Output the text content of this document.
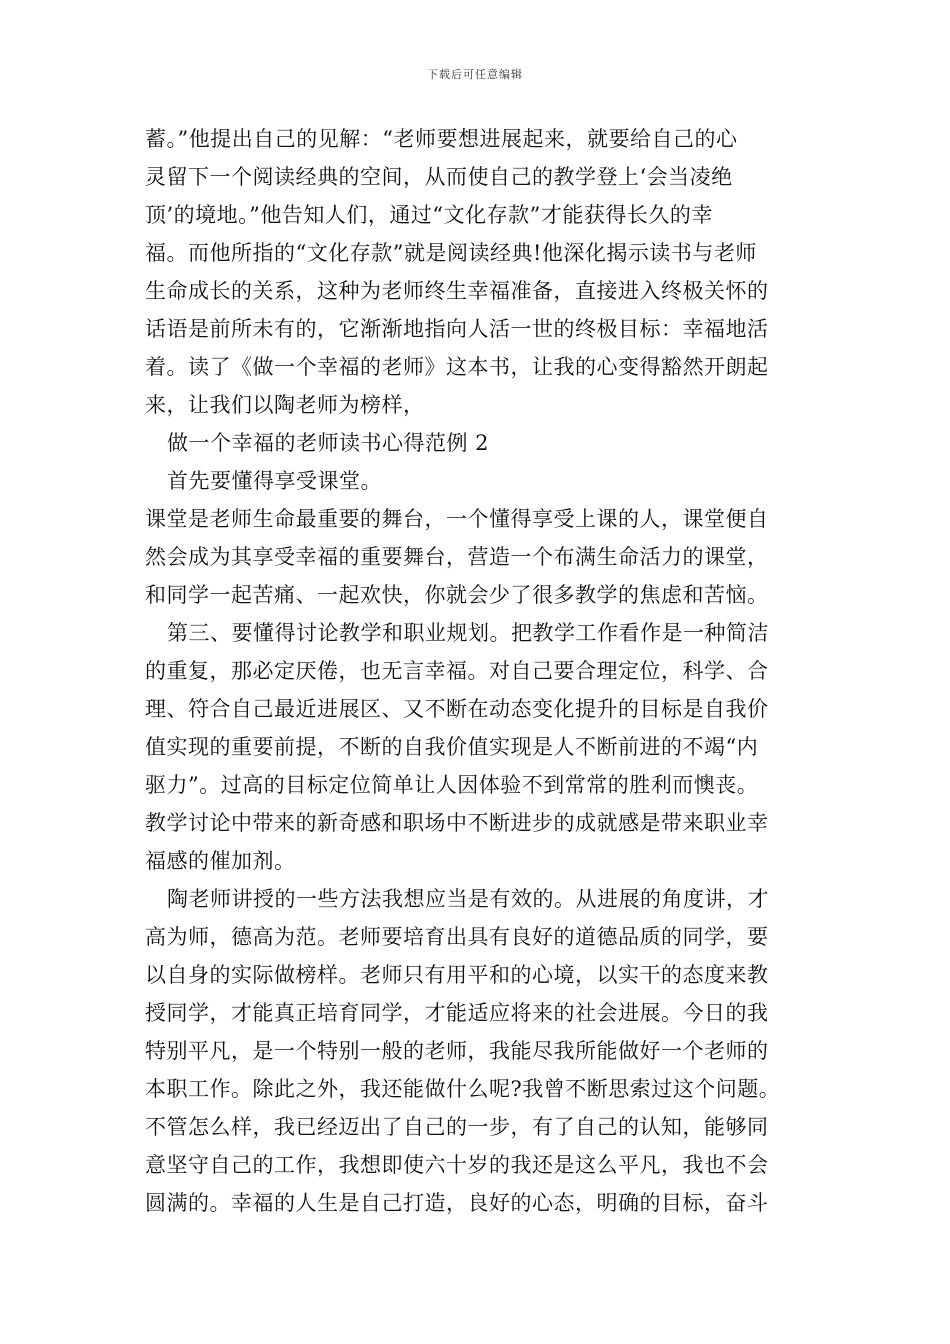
下载后可任意编辑
蓄。”他提出自己的见解：“老师要想进展起来，就要给自己的心
灵留下一个阅读经典的空间，从而使自己的教学登上‘会当凌绝
顶’的境地。”他告知人们，通过“文化存款”才能获得长久的幸
福。而他所指的“文化存款”就是阅读经典!他深化揭示读书与老师
生命成长的关系，这种为老师终生幸福准备，直接进入终极关怀的
话语是前所未有的，它渐渐地指向人活一世的终极目标：幸福地活
着。读了《做一个幸福的老师》这本书，让我的心变得豁然开朗起
来，让我们以陶老师为榜样，
做一个幸福的老师读书心得范例 2
首先要懂得享受课堂。
课堂是老师生命最重要的舞台，一个懂得享受上课的人，课堂便自
然会成为其享受幸福的重要舞台，营造一个布满生命活力的课堂，
和同学一起苦痛、一起欢快，你就会少了很多教学的焦虑和苦恼。
第三、要懂得讨论教学和职业规划。把教学工作看作是一种简洁
的重复，那必定厌倦，也无言幸福。对自己要合理定位，科学、合
理、符合自己最近进展区、又不断在动态变化提升的目标是自我价
值实现的重要前提，不断的自我价值实现是人不断前进的不竭“内
驱力”。过高的目标定位简单让人因体验不到常常的胜利而懊丧。
教学讨论中带来的新奇感和职场中不断进步的成就感是带来职业幸
福感的催加剂。
陶老师讲授的一些方法我想应当是有效的。从进展的角度讲，才
高为师，德高为范。老师要培育出具有良好的道德品质的同学，要
以自身的实际做榜样。老师只有用平和的心境，以实干的态度来教
授同学，才能真正培育同学，才能适应将来的社会进展。今日的我
特别平凡，是一个特别一般的老师，我能尽我所能做好一个老师的
本职工作。除此之外，我还能做什么呢?我曾不断思索过这个问题。
不管怎么样，我已经迈出了自己的一步，有了自己的认知，能够同
意坚守自己的工作，我想即使六十岁的我还是这么平凡，我也不会
圆满的。幸福的人生是自己打造，良好的心态，明确的目标，奋斗
